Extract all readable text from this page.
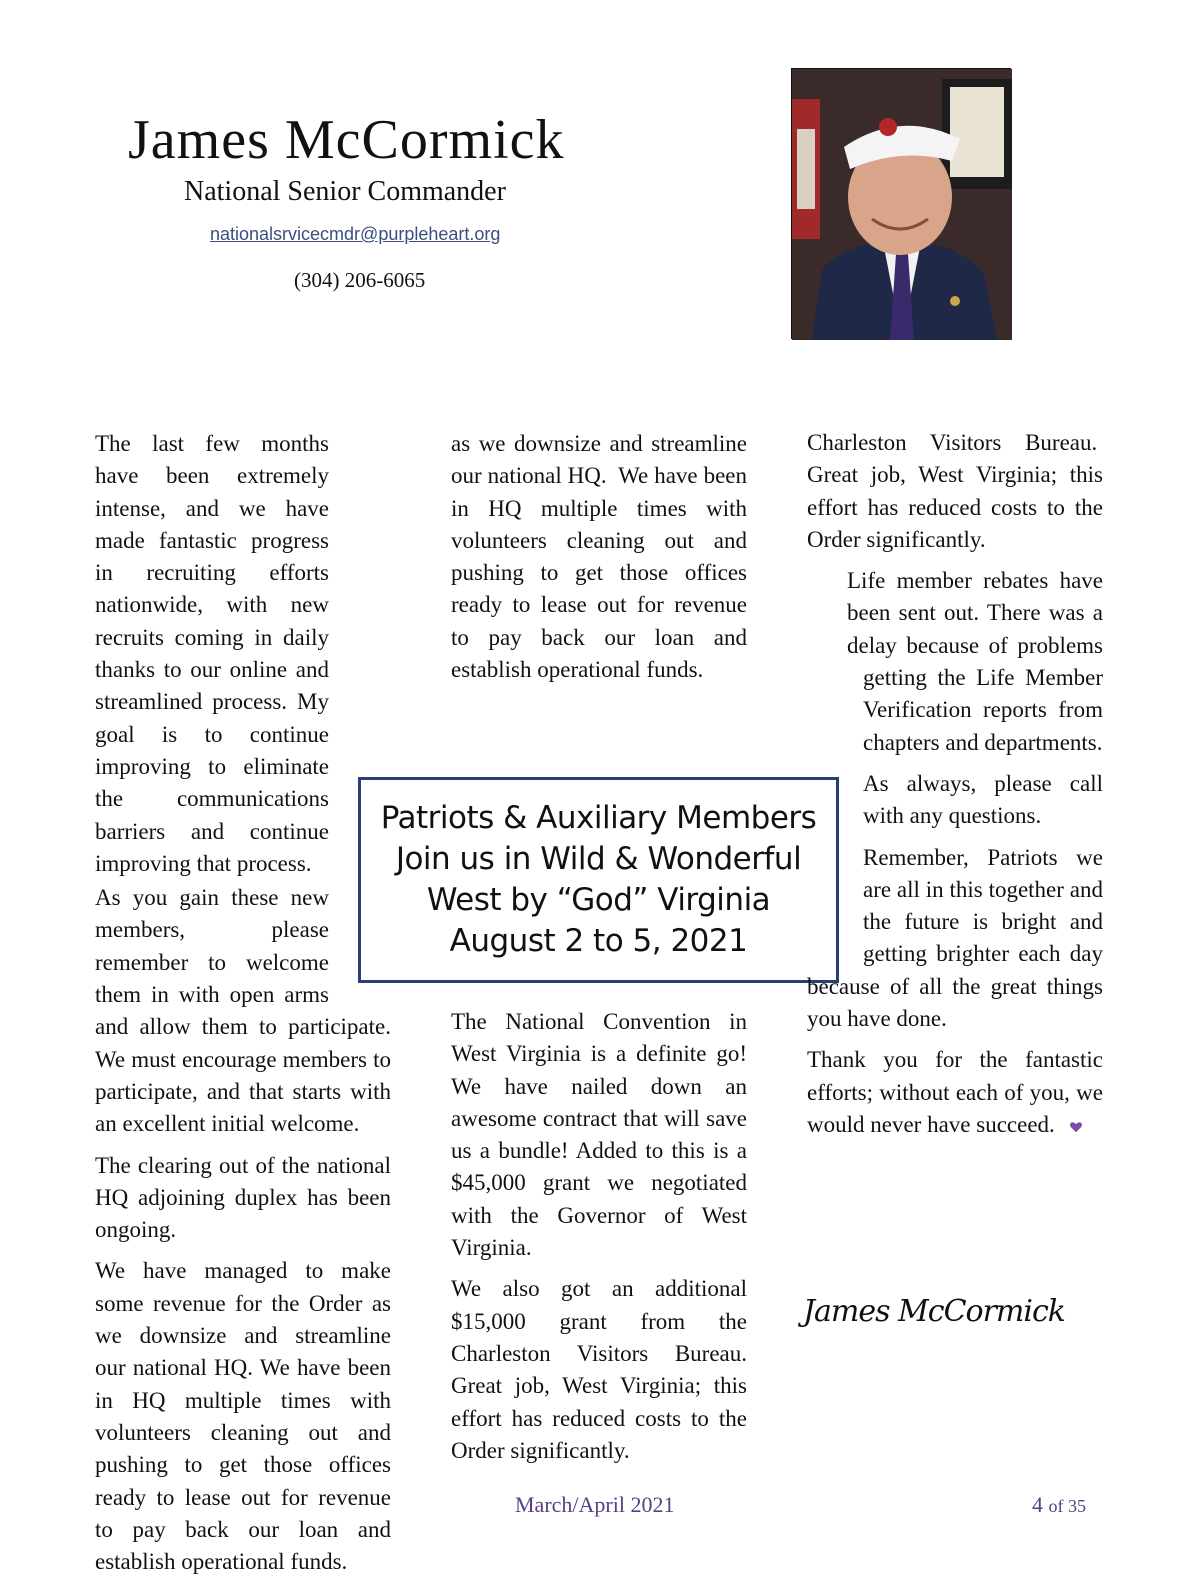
James McCormick
National Senior Commander
nationalsrvicecmdr@purpleheart.org
(304) 206-6065

The last few months have been extremely intense, and we have made fantastic progress in recruiting efforts nationwide, with new recruits coming in daily thanks to our online and streamlined process. My goal is to continue improving to eliminate the communications barriers and continue improving that process.

As you gain these new members, please remember to welcome them in with open arms and allow them to participate. We must encourage members to participate, and that starts with an excellent initial welcome.

The clearing out of the national HQ adjoining duplex has been ongoing.

We have managed to make some revenue for the Order as we downsize and streamline our national HQ. We have been in HQ multiple times with volunteers cleaning out and pushing to get those offices ready to lease out for revenue to pay back our loan and establish operational funds.

as we downsize and streamline our national HQ.  We have been in HQ multiple times with volunteers cleaning out and pushing to get those offices ready to lease out for revenue to pay back our loan and establish operational funds.

Patriots & Auxiliary Members
Join us in Wild & Wonderful
West by “God” Virginia
August 2 to 5, 2021

The National Convention in West Virginia is a definite go! We have nailed down an awesome contract that will save us a bundle! Added to this is a $45,000 grant we negotiated with the Governor of West Virginia.

We also got an additional $15,000 grant from the Charleston Visitors Bureau. Great job, West Virginia; this effort has reduced costs to the Order significantly.

Charleston Visitors Bureau.  Great job, West Virginia; this effort has reduced costs to the Order significantly.

Life member rebates have been sent out. There was a delay because of problems getting the Life Member Verification reports from chapters and departments.

As always, please call with any questions.

Remember, Patriots we are all in this together and the future is bright and getting brighter each day because of all the great things you have done.

Thank you for the fantastic efforts; without each of you, we would never have succeed.

James McCormick
March/April 2021	4 of 35
